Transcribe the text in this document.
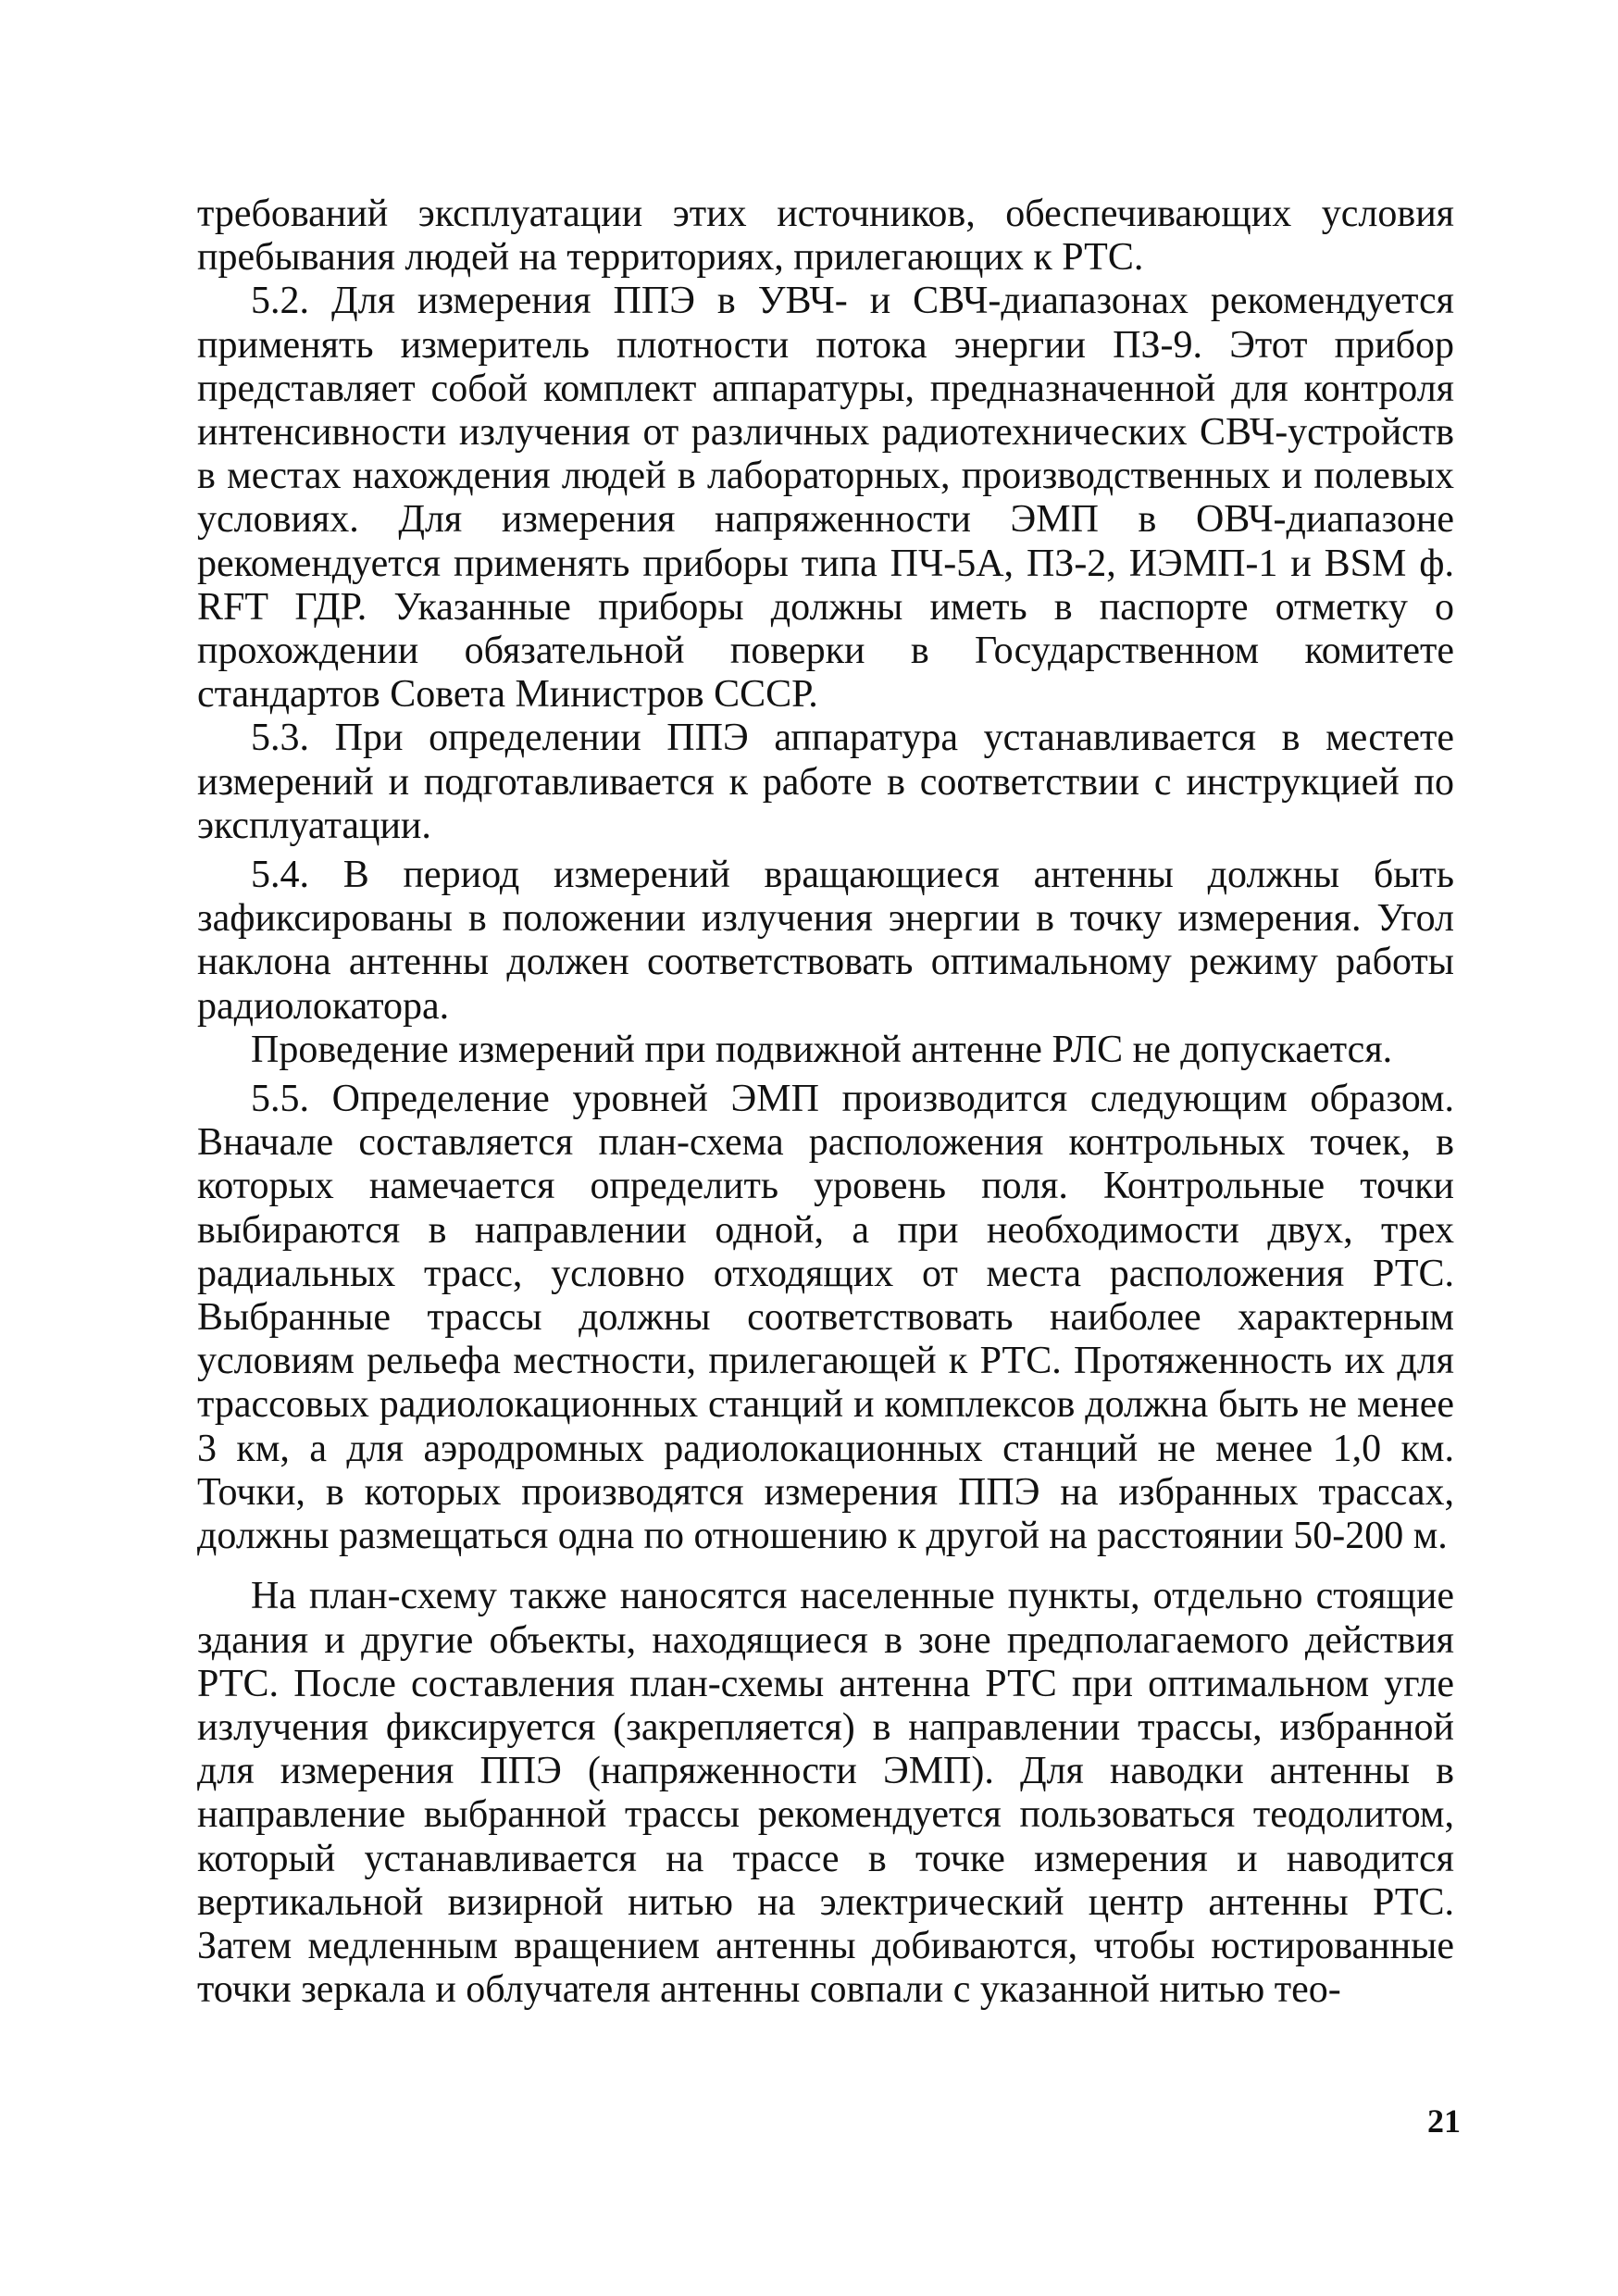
требований эксплуатации этих источников, обеспечивающих условия пребывания людей на территориях, прилегающих к РТС.

5.2. Для измерения ППЭ в УВЧ- и СВЧ-диапазонах рекомендуется применять измеритель плотности потока энергии ПЗ-9. Этот прибор представляет собой комплект аппаратуры, предназначенной для контроля интенсивности излучения от различных радиотехнических СВЧ-устройств в местах нахождения людей в лабораторных, производственных и полевых условиях. Для измерения напряженности ЭМП в ОВЧ-диапазоне рекомендуется применять приборы типа ПЧ-5А, ПЗ-2, ИЭМП-1 и BSM ф. RFT ГДР. Указанные приборы должны иметь в паспорте отметку о прохождении обязательной поверки в Государственном комитете стандартов Совета Министров СССР.

5.3. При определении ППЭ аппаратура устанавливается в местете измерений и подготавливается к работе в соответствии с инструкцией по эксплуатации.

5.4. В период измерений вращающиеся антенны должны быть зафиксированы в положении излучения энергии в точку измерения. Угол наклона антенны должен соответствовать оптимальному режиму работы радиолокатора.

Проведение измерений при подвижной антенне РЛС не допускается.

5.5. Определение уровней ЭМП производится следующим образом. Вначале составляется план-схема расположения контрольных точек, в которых намечается определить уровень поля. Контрольные точки выбираются в направлении одной, а при необходимости двух, трех радиальных трасс, условно отходящих от места расположения РТС. Выбранные трассы должны соответствовать наиболее характерным условиям рельефа местности, прилегающей к РТС. Протяженность их для трассовых радиолокационных станций и комплексов должна быть не менее 3 км, а для аэродромных радиолокационных станций не менее 1,0 км. Точки, в которых производятся измерения ППЭ на избранных трассах, должны размещаться одна по отношению к другой на расстоянии 50-200 м.

На план-схему также наносятся населенные пункты, отдельно стоящие здания и другие объекты, находящиеся в зоне предполагаемого действия РТС. После составления план-схемы антенна РТС при оптимальном угле излучения фиксируется (закрепляется) в направлении трассы, избранной для измерения ППЭ (напряженности ЭМП). Для наводки антенны в направление выбранной трассы рекомендуется пользоваться теодолитом, который устанавливается на трассе в точке измерения и наводится вертикальной визирной нитью на электрический центр антенны РТС. Затем медленным вращением антенны добиваются, чтобы юстированные точки зеркала и облучателя антенны совпали с указанной нитью тео-

21
